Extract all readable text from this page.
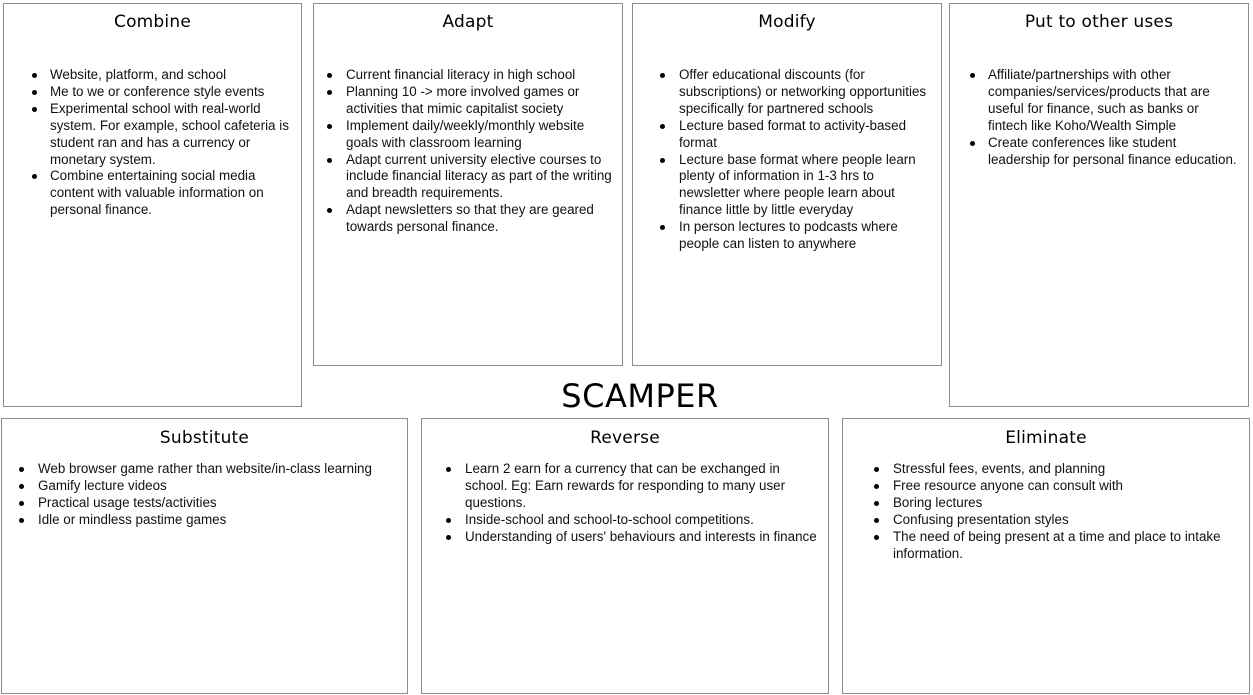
Combine
Website, platform, and school
Me to we or conference style events
Experimental school with real-world system. For example, school cafeteria is student ran and has a currency or monetary system.
Combine entertaining social media content with valuable information on personal finance.
Adapt
Current financial literacy in high school
Planning 10 -> more involved games or activities that mimic capitalist society
Implement daily/weekly/monthly website goals with classroom learning
Adapt current university elective courses to include financial literacy as part of the writing and breadth requirements.
Adapt newsletters so that they are geared towards personal finance.
Modify
Offer educational discounts (for subscriptions) or networking opportunities specifically for partnered schools
Lecture based format to activity-based format
Lecture base format where people learn plenty of information in 1-3 hrs to newsletter where people learn about finance little by little everyday
In person lectures to podcasts where people can listen to anywhere
Put to other uses
Affiliate/partnerships with other companies/services/products that are useful for finance, such as banks or fintech like Koho/Wealth Simple
Create conferences like student leadership for personal finance education.
SCAMPER
Substitute
Web browser game rather than website/in-class learning
Gamify lecture videos
Practical usage tests/activities
Idle or mindless pastime games
Reverse
Learn 2 earn for a currency that can be exchanged in school. Eg: Earn rewards for responding to many user questions.
Inside-school and school-to-school competitions.
Understanding of users' behaviours and interests in finance
Eliminate
Stressful fees, events, and planning
Free resource anyone can consult with
Boring lectures
Confusing presentation styles
The need of being present at a time and place to intake information.
